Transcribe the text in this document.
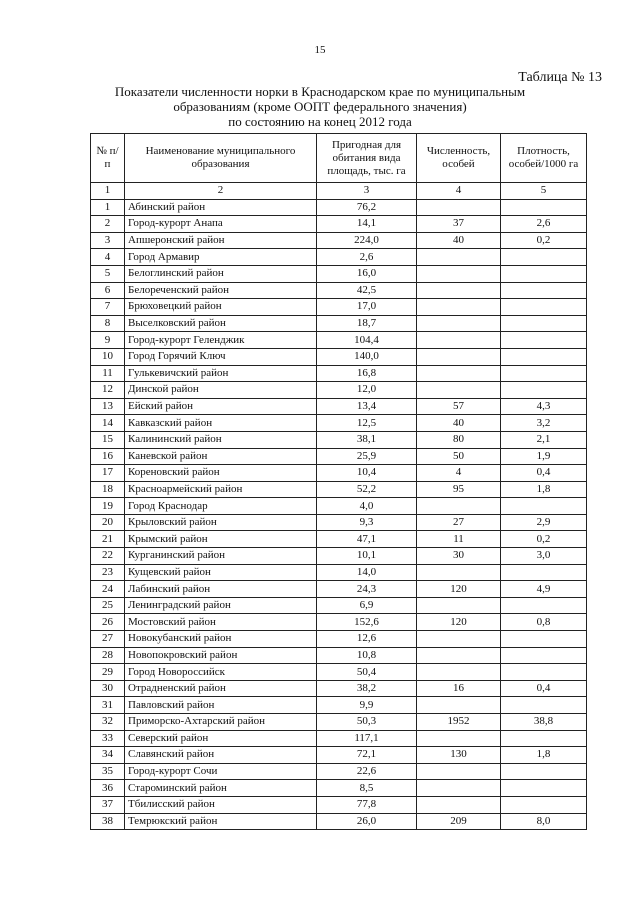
15
Таблица № 13
Показатели численности норки в Краснодарском крае по муниципальным
образованиям (кроме ООПТ федерального значения)
по состоянию на конец 2012 года
№ п/п	Наименование муниципального образования	Пригодная для обитания вида площадь, тыс. га	Численность, особей	Плотность, особей/1000 га
1	2	3	4	5
1	Абинский район	76,2		
2	Город-курорт Анапа	14,1	37	2,6
3	Апшеронский район	224,0	40	0,2
4	Город Армавир	2,6		
5	Белоглинский район	16,0		
6	Белореченский район	42,5		
7	Брюховецкий район	17,0		
8	Выселковский район	18,7		
9	Город-курорт Геленджик	104,4		
10	Город Горячий Ключ	140,0		
11	Гулькевичский район	16,8		
12	Динской район	12,0		
13	Ейский район	13,4	57	4,3
14	Кавказский район	12,5	40	3,2
15	Калининский район	38,1	80	2,1
16	Каневской район	25,9	50	1,9
17	Кореновский район	10,4	4	0,4
18	Красноармейский район	52,2	95	1,8
19	Город Краснодар	4,0		
20	Крыловский район	9,3	27	2,9
21	Крымский район	47,1	11	0,2
22	Курганинский район	10,1	30	3,0
23	Кущевский район	14,0		
24	Лабинский район	24,3	120	4,9
25	Ленинградский район	6,9		
26	Мостовский район	152,6	120	0,8
27	Новокубанский район	12,6		
28	Новопокровский район	10,8		
29	Город Новороссийск	50,4		
30	Отрадненский район	38,2	16	0,4
31	Павловский район	9,9		
32	Приморско-Ахтарский район	50,3	1952	38,8
33	Северский район	117,1		
34	Славянский район	72,1	130	1,8
35	Город-курорт Сочи	22,6		
36	Староминский район	8,5		
37	Тбилисский район	77,8		
38	Темрюкский район	26,0	209	8,0
